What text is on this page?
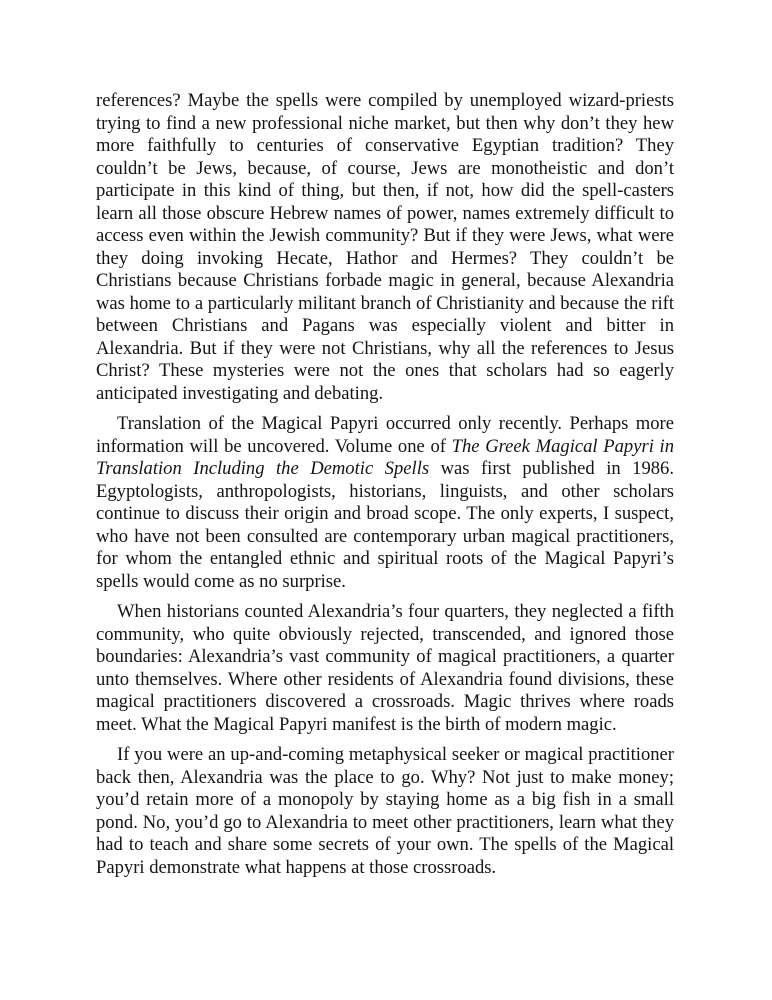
references? Maybe the spells were compiled by unemployed wizard-priests trying to find a new professional niche market, but then why don’t they hew more faithfully to centuries of conservative Egyptian tradition? They couldn’t be Jews, because, of course, Jews are monotheistic and don’t participate in this kind of thing, but then, if not, how did the spell-casters learn all those obscure Hebrew names of power, names extremely difficult to access even within the Jewish community? But if they were Jews, what were they doing invoking Hecate, Hathor and Hermes? They couldn’t be Christians because Christians forbade magic in general, because Alexandria was home to a particularly militant branch of Christianity and because the rift between Christians and Pagans was especially violent and bitter in Alexandria. But if they were not Christians, why all the references to Jesus Christ? These mysteries were not the ones that scholars had so eagerly anticipated investigating and debating.

Translation of the Magical Papyri occurred only recently. Perhaps more information will be uncovered. Volume one of The Greek Magical Papyri in Translation Including the Demotic Spells was first published in 1986. Egyptologists, anthropologists, historians, linguists, and other scholars continue to discuss their origin and broad scope. The only experts, I suspect, who have not been consulted are contemporary urban magical practitioners, for whom the entangled ethnic and spiritual roots of the Magical Papyri’s spells would come as no surprise.

When historians counted Alexandria’s four quarters, they neglected a fifth community, who quite obviously rejected, transcended, and ignored those boundaries: Alexandria’s vast community of magical practitioners, a quarter unto themselves. Where other residents of Alexandria found divisions, these magical practitioners discovered a crossroads. Magic thrives where roads meet. What the Magical Papyri manifest is the birth of modern magic.

If you were an up-and-coming metaphysical seeker or magical practitioner back then, Alexandria was the place to go. Why? Not just to make money; you’d retain more of a monopoly by staying home as a big fish in a small pond. No, you’d go to Alexandria to meet other practitioners, learn what they had to teach and share some secrets of your own. The spells of the Magical Papyri demonstrate what happens at those crossroads.
